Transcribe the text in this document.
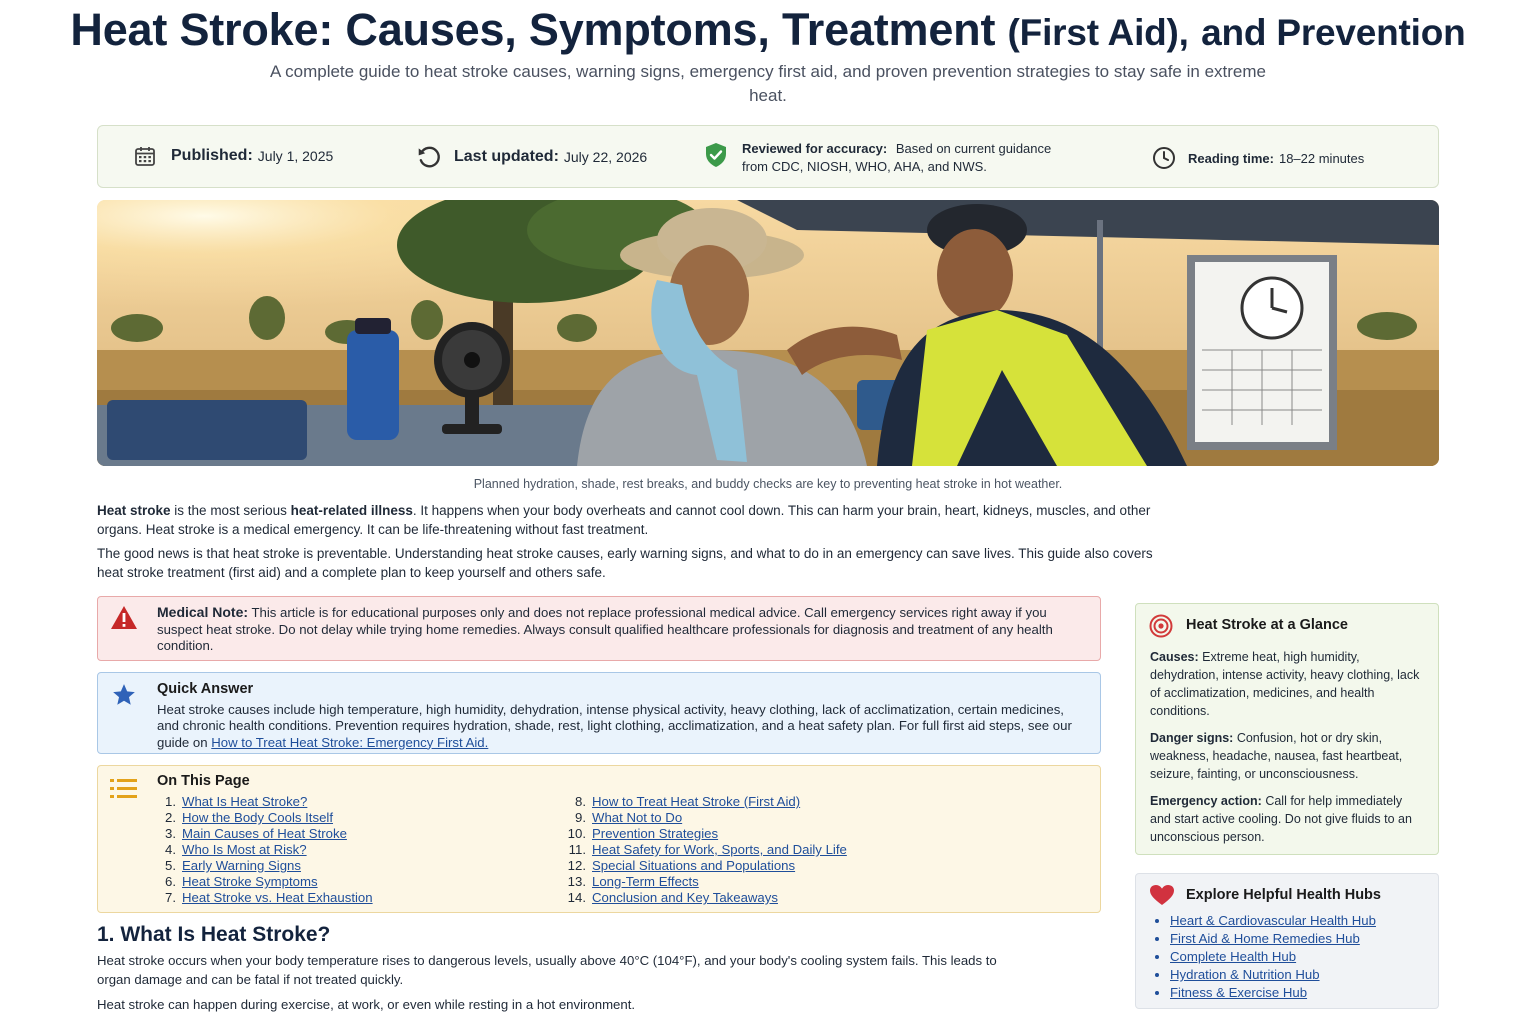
Heat Stroke: Causes, Symptoms, Treatment (First Aid), and Prevention
A complete guide to heat stroke causes, warning signs, emergency first aid, and proven prevention strategies to stay safe in extreme heat.
Published: July 1, 2025	Last updated: July 22, 2026
Reviewed for accuracy: Based on current guidance from CDC, NIOSH, WHO, AHA, and NWS.
Reading time: 18–22 minutes
Planned hydration, shade, rest breaks, and buddy checks are key to preventing heat stroke in hot weather.
Heat stroke is the most serious heat-related illness. It happens when your body overheats and cannot cool down. This can harm your brain, heart, kidneys, muscles, and other organs. Heat stroke is a medical emergency. It can be life-threatening without fast treatment.
The good news is that heat stroke is preventable. Understanding heat stroke causes, early warning signs, and what to do in an emergency can save lives. This guide also covers heat stroke treatment (first aid) and a complete plan to keep yourself and others safe.
Medical Note: This article is for educational purposes only and does not replace professional medical advice. Call emergency services right away if you suspect heat stroke. Do not delay while trying home remedies. Always consult qualified healthcare professionals for diagnosis and treatment of any health condition.
Quick Answer
Heat stroke causes include high temperature, high humidity, dehydration, intense physical activity, heavy clothing, lack of acclimatization, certain medicines, and chronic health conditions. Prevention requires hydration, shade, rest, light clothing, acclimatization, and a heat safety plan. For full first aid steps, see our guide on How to Treat Heat Stroke: Emergency First Aid.
On This Page
1. What Is Heat Stroke?
2. How the Body Cools Itself
3. Main Causes of Heat Stroke
4. Who Is Most at Risk?
5. Early Warning Signs
6. Heat Stroke Symptoms
7. Heat Stroke vs. Heat Exhaustion
8. How to Treat Heat Stroke (First Aid)
9. What Not to Do
10. Prevention Strategies
11. Heat Safety for Work, Sports, and Daily Life
12. Special Situations and Populations
13. Long-Term Effects
14. Conclusion and Key Takeaways
1. What Is Heat Stroke?
Heat stroke occurs when your body temperature rises to dangerous levels, usually above 40°C (104°F), and your body's cooling system fails. This leads to organ damage and can be fatal if not treated quickly.
Heat stroke can happen during exercise, at work, or even while resting in a hot environment.
Heat Stroke at a Glance

Causes: Extreme heat, high humidity, dehydration, intense activity, heavy clothing, lack of acclimatization, medicines, and health conditions.

Danger signs: Confusion, hot or dry skin, weakness, headache, nausea, fast heartbeat, seizure, fainting, or unconsciousness.

Emergency action: Call for help immediately and start active cooling. Do not give fluids to an unconscious person.

Explore Helpful Health Hubs
• Heart & Cardiovascular Health Hub
• First Aid & Home Remedies Hub
• Complete Health Hub
• Hydration & Nutrition Hub
• Fitness & Exercise Hub
